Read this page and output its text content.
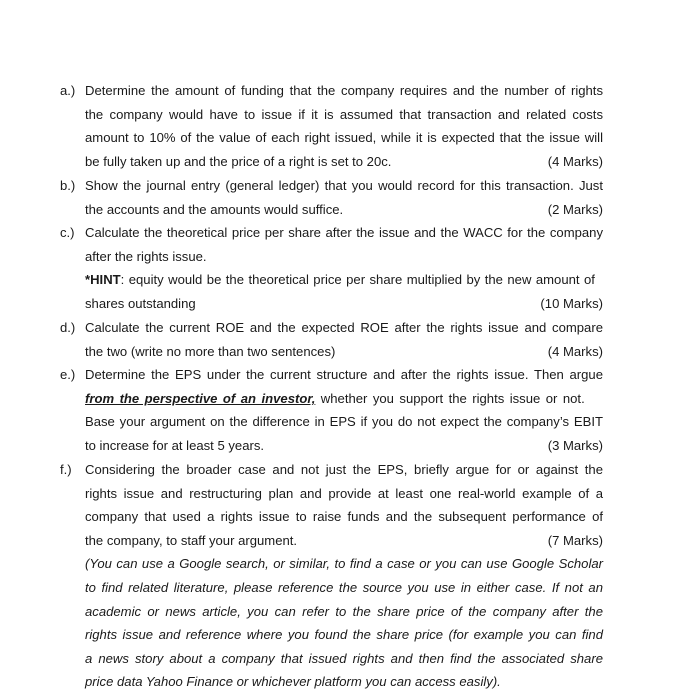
a.) Determine the amount of funding that the company requires and the number of rights
the company would have to issue if it is assumed that transaction and related costs
amount to 10% of the value of each right issued, while it is expected that the issue will
be fully taken up and the price of a right is set to 20c.	(4 Marks)
b.) Show the journal entry (general ledger) that you would record for this transaction. Just
the accounts and the amounts would suffice.	(2 Marks)
c.) Calculate the theoretical price per share after the issue and the WACC for the company
after the rights issue.
*HINT: equity would be the theoretical price per share multiplied by the new amount of
shares outstanding	(10 Marks)
d.) Calculate the current ROE and the expected ROE after the rights issue and compare
the two (write no more than two sentences)	(4 Marks)
e.) Determine the EPS under the current structure and after the rights issue. Then argue
from the perspective of an investor, whether you support the rights issue or not.
Base your argument on the difference in EPS if you do not expect the company’s EBIT
to increase for at least 5 years.	(3 Marks)
f.) Considering the broader case and not just the EPS, briefly argue for or against the
rights issue and restructuring plan and provide at least one real-world example of a
company that used a rights issue to raise funds and the subsequent performance of
the company, to staff your argument.	(7 Marks)
(You can use a Google search, or similar, to find a case or you can use Google Scholar
to find related literature, please reference the source you use in either case. If not an
academic or news article, you can refer to the share price of the company after the
rights issue and reference where you found the share price (for example you can find
a news story about a company that issued rights and then find the associated share
price data Yahoo Finance or whichever platform you can access easily).
